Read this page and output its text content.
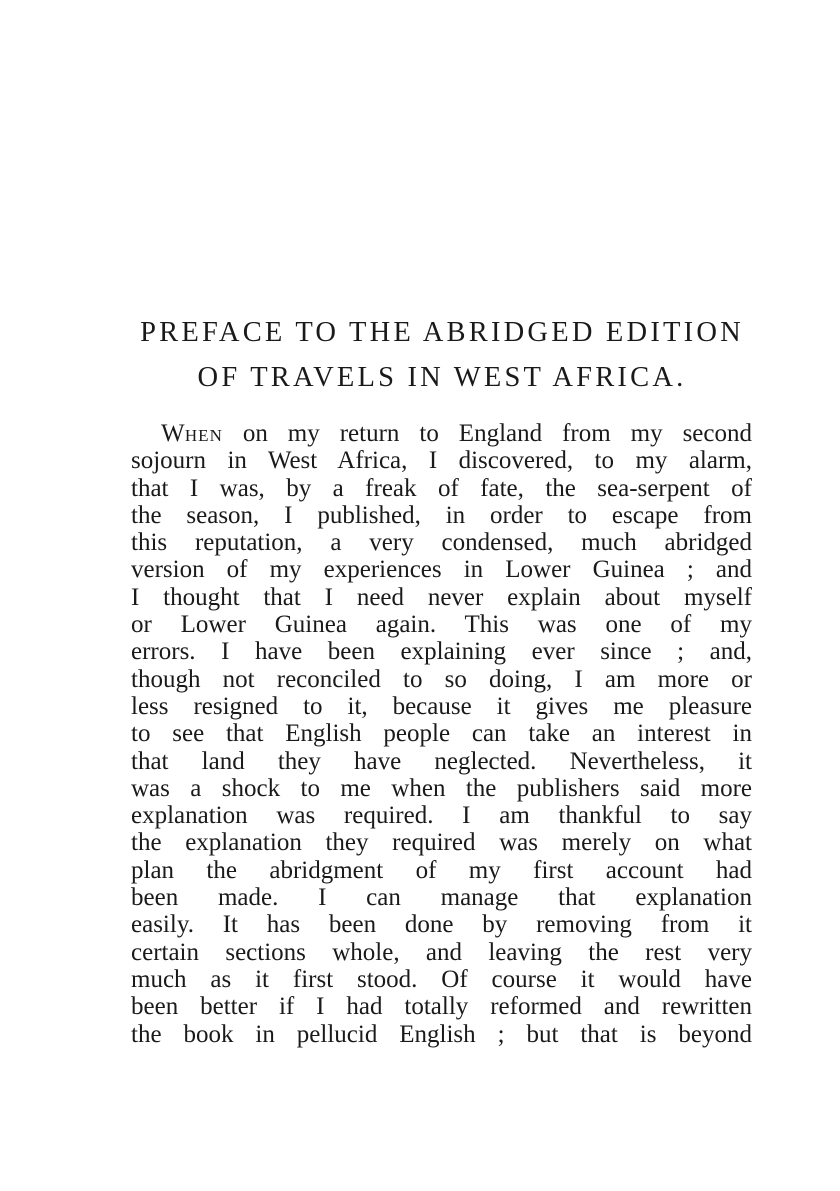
PREFACE TO THE ABRIDGED EDITION
OF TRAVELS IN WEST AFRICA.
WHEN on my return to England from my second
sojourn in West Africa, I discovered, to my alarm,
that I was, by a freak of fate, the sea-serpent of
the season, I published, in order to escape from
this reputation, a very condensed, much abridged
version of my experiences in Lower Guinea ; and
I thought that I need never explain about myself
or Lower Guinea again. This was one of my
errors. I have been explaining ever since ; and,
though not reconciled to so doing, I am more or
less resigned to it, because it gives me pleasure
to see that English people can take an interest in
that land they have neglected. Nevertheless, it
was a shock to me when the publishers said more
explanation was required. I am thankful to say
the explanation they required was merely on what
plan the abridgment of my first account had
been made. I can manage that explanation
easily. It has been done by removing from it
certain sections whole, and leaving the rest very
much as it first stood. Of course it would have
been better if I had totally reformed and rewritten
the book in pellucid English ; but that is beyond
